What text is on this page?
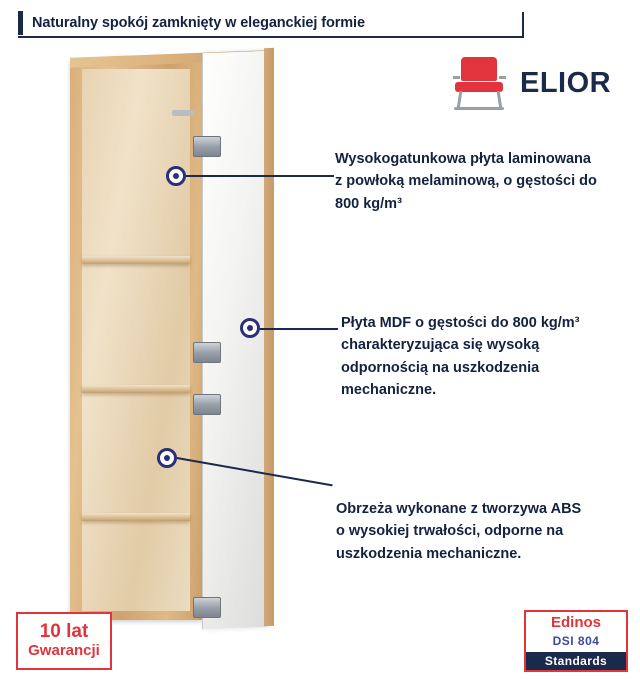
Naturalny spokój zamknięty w eleganckiej formie
ELIOR
Wysokogatunkowa płyta laminowana z powłoką melaminową, o gęstości do 800 kg/m³
Płyta MDF o gęstości do 800 kg/m³ charakteryzująca się wysoką odpornością na uszkodzenia mechaniczne.
Obrzeża wykonane z tworzywa ABS o wysokiej trwałości, odporne na uszkodzenia mechaniczne.
10 lat
Gwarancji
Edinos
DSI 804
Standards
